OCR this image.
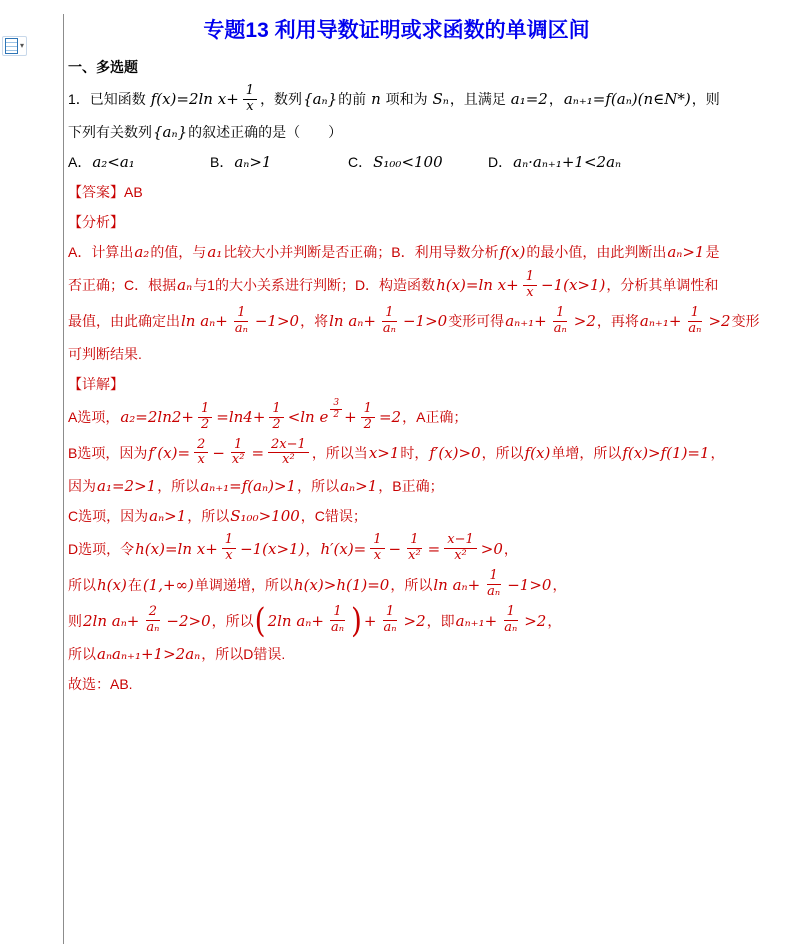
▾
专题13 利用导数证明或求函数的单调区间
一、多选题
1．已知函数 f(x)=2ln $x+ \frac{1}{x}$ ，数列 {aₙ} 的前 n 项和为 Sₙ ，且满足 a₁=2 ， aₙ₊₁=f(aₙ)(n∈N*) ，则
下列有关数列 {aₙ} 的叙述正确的是（　　）
A． a₂<a₁	B． aₙ>1	C． S₁₀₀<100	D． aₙ·aₙ₊₁+1<2aₙ
【答案】AB
【分析】
A．计算出 a₂ 的值，与 a₁ 比较大小并判断是否正确；B．利用导数分析 f(x) 的最小值，由此判断出 aₙ>1 是
否正确；C．根据 aₙ 与1的大小关系进行判断；D．构造函数 h(x)=ln $x+ \frac{1}{x} -1(x>1)$ ，分析其单调性和
最值，由此确定出 $\ln a_n+ \frac{1}{\text{aₙ}} -1>0$ ，将 $\ln a_n+ \frac{1}{\text{aₙ}} -1>0$ 变形可得 $a_{n+1}+ \frac{1}{\text{aₙ}} >2$ ，再将 $a_{n+1}+ \frac{1}{\text{aₙ}} >2$ 变形
可判断结果.
【详解】
A选项， $a_2=2\ln 2+ \frac{1}{2} =\ln 4+ \frac{1}{2} <\ln$ e $\frac{3}{2} + \frac{1}{2} =2$ ，A正确；
B选项，因为 $f'(x)= \frac{2}{x} - \frac{1}{\text{x²}} = \frac{2x-1}{\text{x²}}$ ，所以当 x>1 时， f′(x)>0 ，所以 f(x) 单增，所以 f(x)>f(1)=1 ，
因为 a₁=2>1 ，所以 aₙ₊₁=f(aₙ)>1 ，所以 aₙ>1 ，B正确；
C选项，因为 aₙ>1 ，所以 S₁₀₀>100 ，C错误；
D选项，令 h(x)=ln $x+ \frac{1}{x} -1(x>1)$ ， $h'(x)= \frac{1}{x} - \frac{1}{\text{x²}} = \frac{x-1}{\text{x²}} >0$ ，
所以 h(x) 在 (1,+∞) 单调递增，所以 h(x)>h(1)=0 ，所以 $\ln a_n+ \frac{1}{\text{aₙ}} -1>0$ ，
则 2ln $a_n+ \frac{2}{\text{aₙ}} -2>0$ ，所以 ( 2ln $a_n+ \frac{1}{\text{aₙ}}$ ) + $\frac{1}{\text{aₙ}} >2$ ，即 $a_{n+1}+ \frac{1}{\text{aₙ}} >2$ ，
所以 aₙaₙ₊₁+1>2aₙ ，所以D错误.
故选：AB.
